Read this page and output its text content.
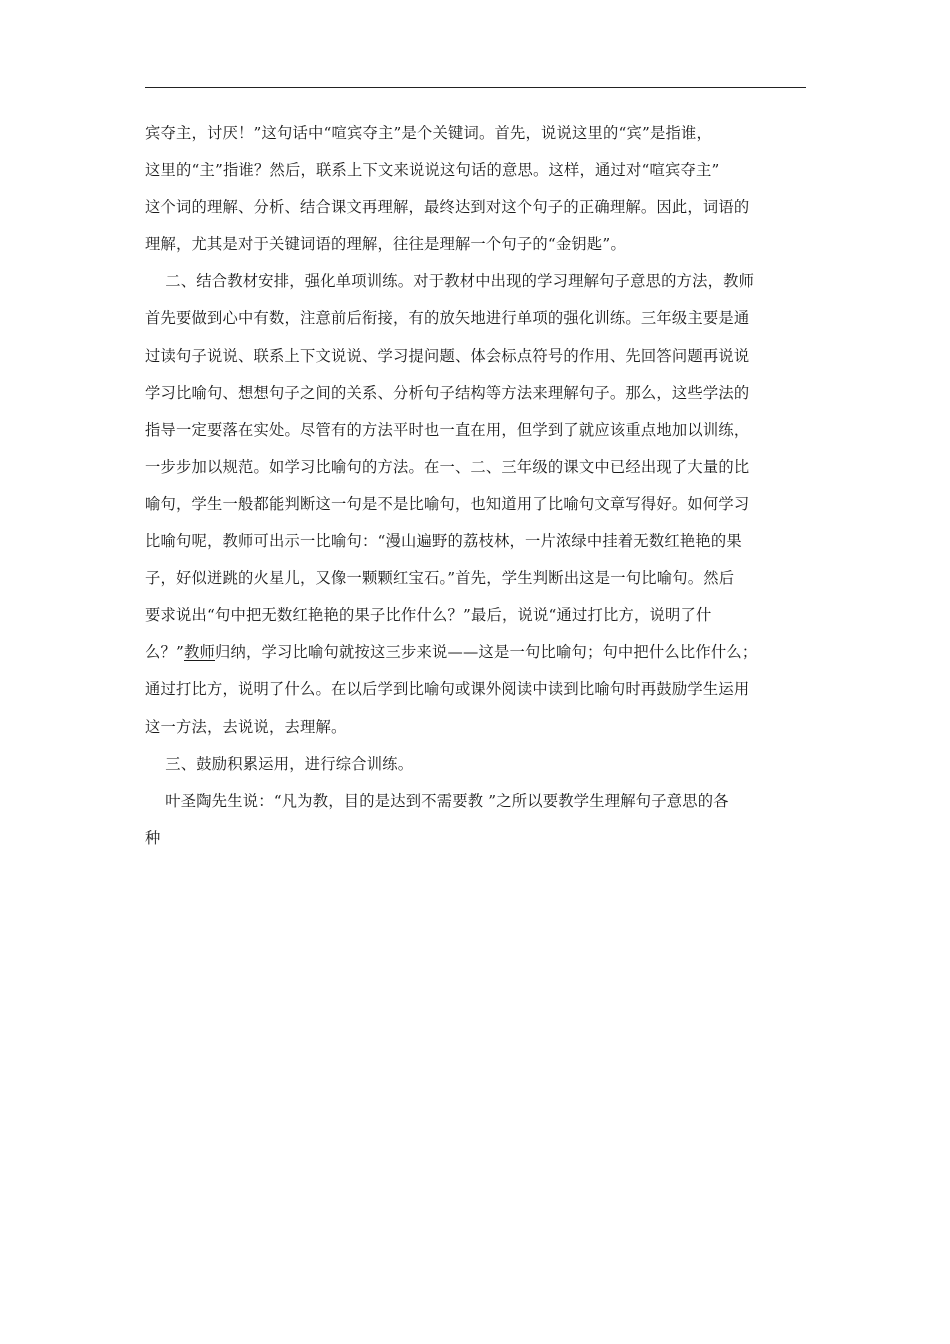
宾夺主，讨厌！”这句话中“喧宾夺主”是个关键词。首先，说说这里的“宾”是指谁，
这里的“主”指谁？然后，联系上下文来说说这句话的意思。这样，通过对“喧宾夺主”
这个词的理解、分析、结合课文再理解，最终达到对这个句子的正确理解。因此，词语的
理解，尤其是对于关键词语的理解，往往是理解一个句子的“金钥匙”。
二、结合教材安排，强化单项训练。对于教材中出现的学习理解句子意思的方法，教师
首先要做到心中有数，注意前后衔接，有的放矢地进行单项的强化训练。三年级主要是通
过读句子说说、联系上下文说说、学习提问题、体会标点符号的作用、先回答问题再说说
学习比喻句、想想句子之间的关系、分析句子结构等方法来理解句子。那么，这些学法的
指导一定要落在实处。尽管有的方法平时也一直在用，但学到了就应该重点地加以训练，
一步步加以规范。如学习比喻句的方法。在一、二、三年级的课文中已经出现了大量的比
喻句，学生一般都能判断这一句是不是比喻句，也知道用了比喻句文章写得好。如何学习
比喻句呢，教师可出示一比喻句：“漫山遍野的荔枝林，一片浓绿中挂着无数红艳艳的果
子，好似迸跳的火星儿，又像一颗颗红宝石。”首先，学生判断出这是一句比喻句。然后
要求说出“句中把无数红艳艳的果子比作什么？”最后，说说“通过打比方，说明了什
么？”教师归纳，学习比喻句就按这三步来说——这是一句比喻句；句中把什么比作什么；
通过打比方，说明了什么。在以后学到比喻句或课外阅读中读到比喻句时再鼓励学生运用
这一方法，去说说，去理解。
三、鼓励积累运用，进行综合训练。
叶圣陶先生说：“凡为教，目的是达到不需要教 ”之所以要教学生理解句子意思的各
种
